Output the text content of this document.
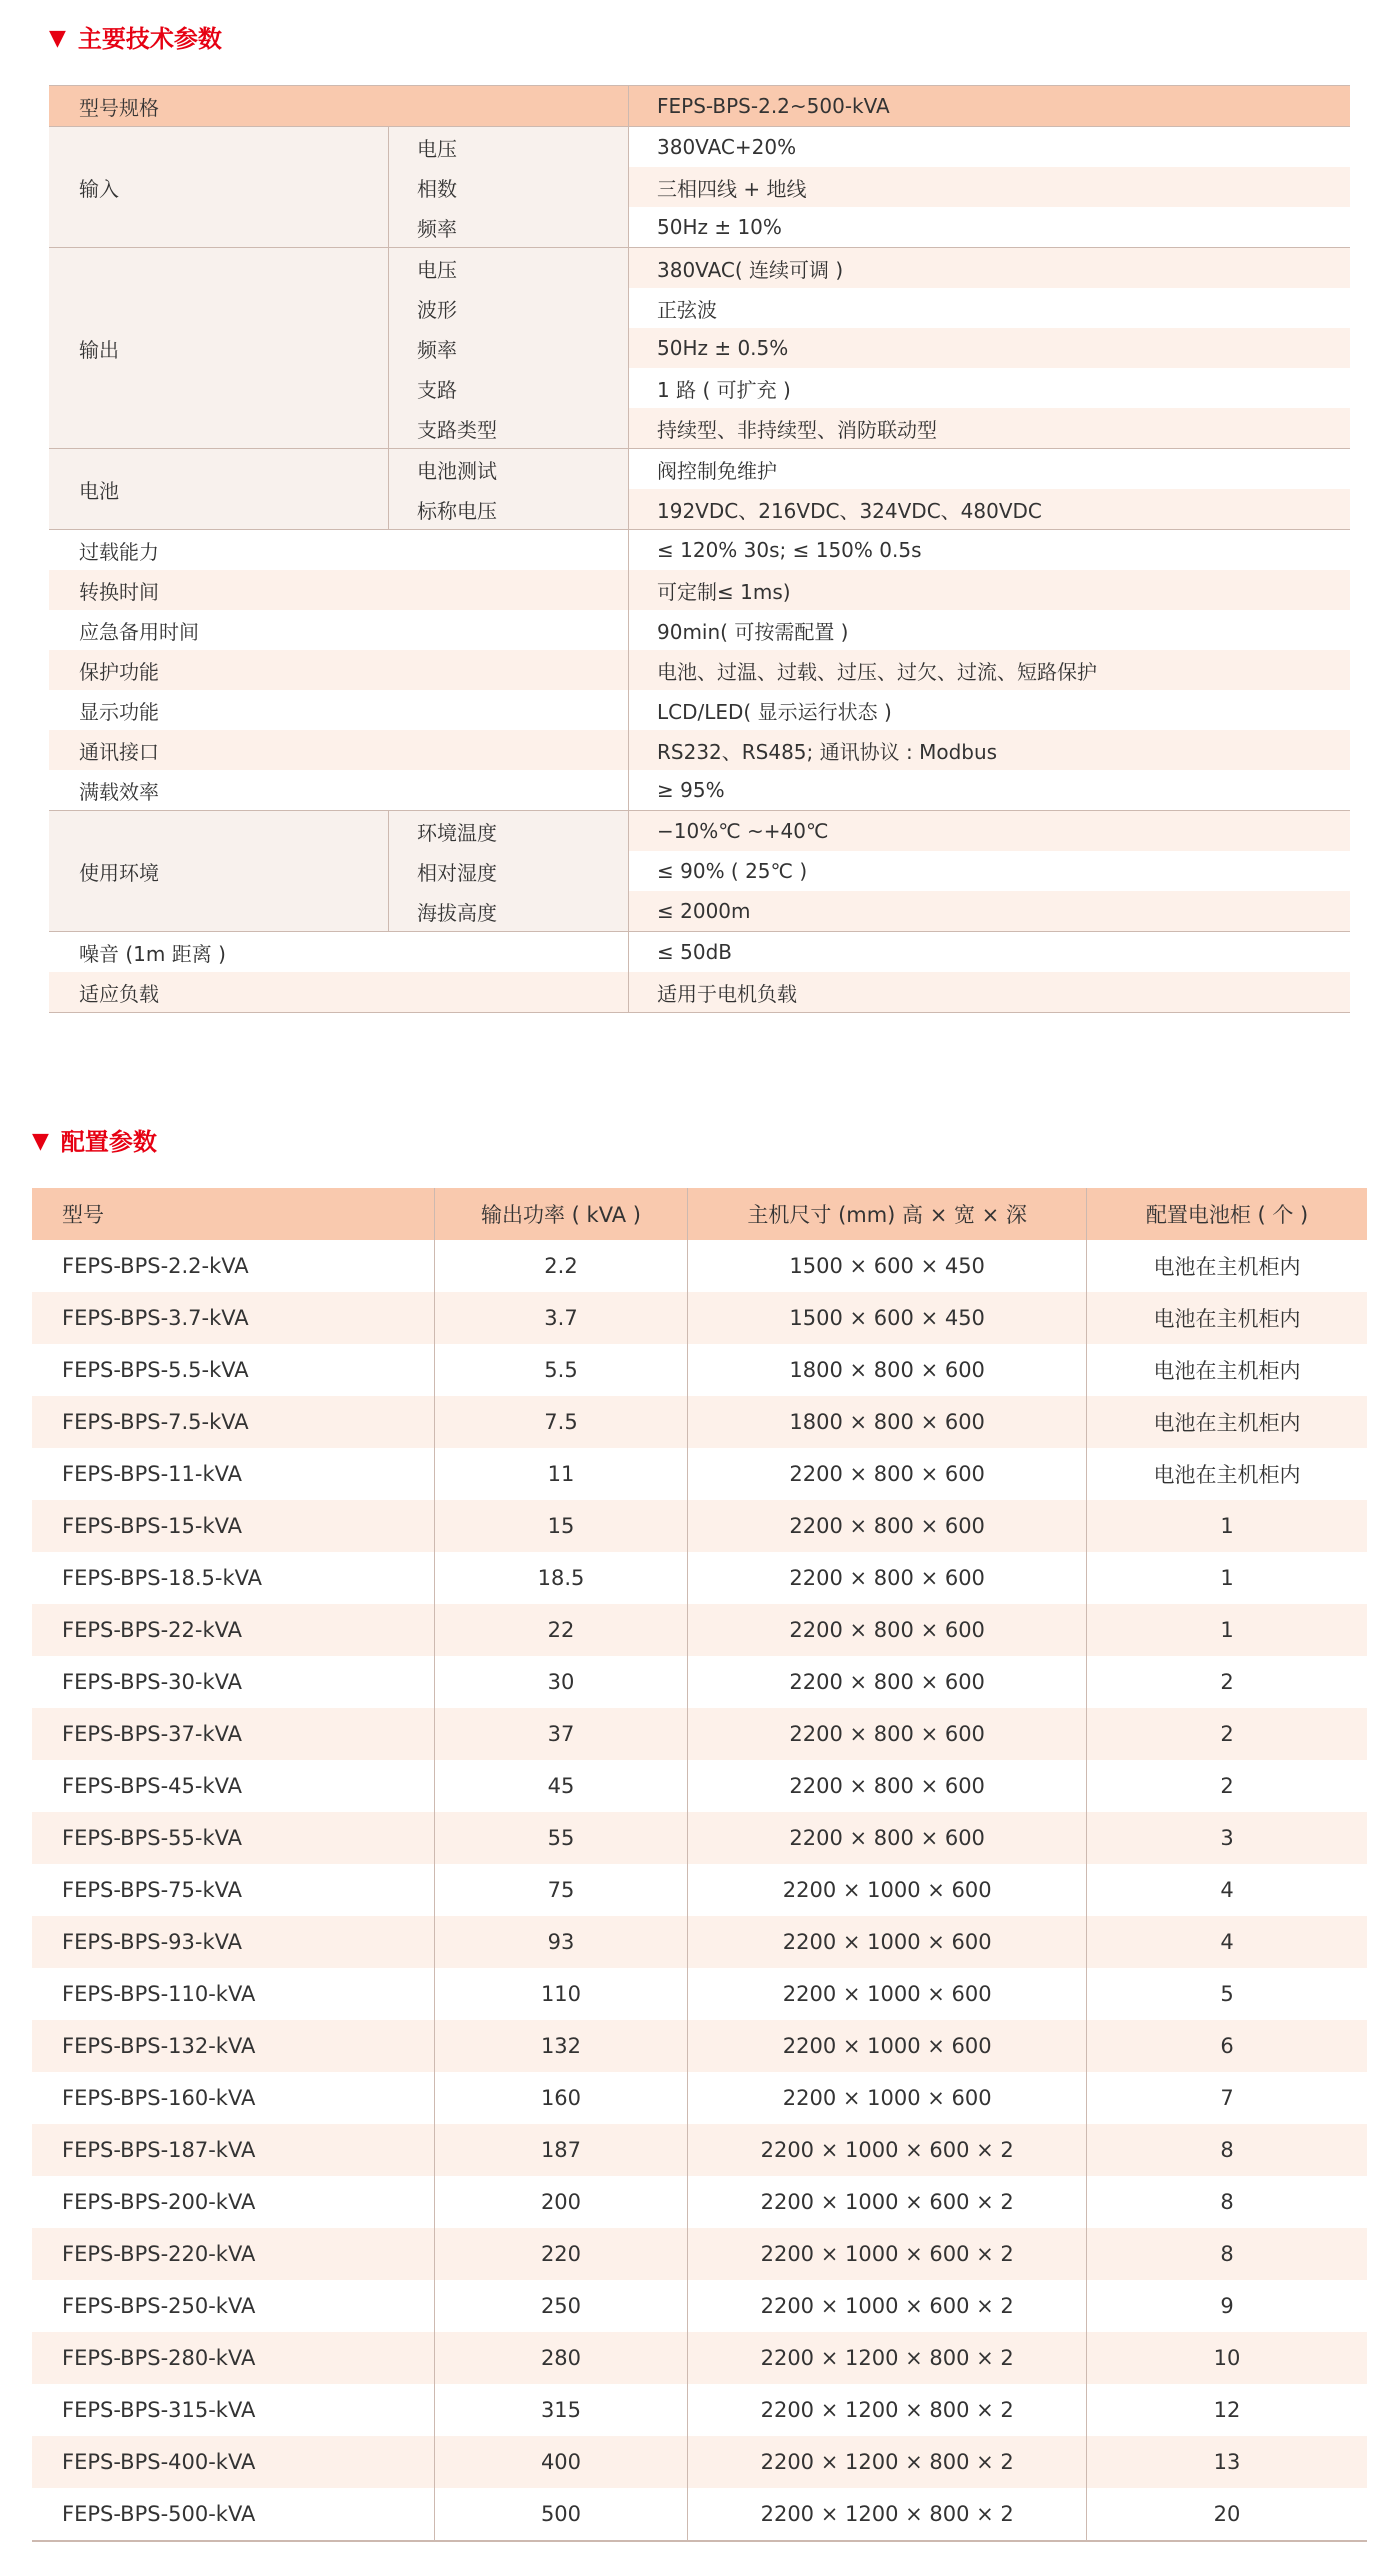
▼ 主要技术参数
型号规格	FEPS-BPS-2.2~500-kVA
输入
电压	380VAC+20%
相数	三相四线 + 地线
频率	50Hz ± 10%
输出
电压	380VAC( 连续可调 )
波形	正弦波
频率	50Hz ± 0.5%
支路	1 路 ( 可扩充 )
支路类型	持续型、非持续型、消防联动型
电池
电池测试	阀控制免维护
标称电压	192VDC、216VDC、324VDC、480VDC
过载能力	≤ 120% 30s; ≤ 150% 0.5s
转换时间	可定制≤ 1ms)
应急备用时间	90min( 可按需配置 )
保护功能	电池、过温、过载、过压、过欠、过流、短路保护
显示功能	LCD/LED( 显示运行状态 )
通讯接口	RS232、RS485; 通讯协议 : Modbus
满载效率	≥ 95%
使用环境
环境温度	−10%℃ ~+40℃
相对湿度	≤ 90% ( 25℃ )
海拔高度	≤ 2000m
噪音 (1m 距离 )	≤ 50dB
适应负载	适用于电机负载
▼ 配置参数
型号	输出功率 ( kVA )	主机尺寸 (mm) 高 × 宽 × 深	配置电池柜 ( 个 )
FEPS-BPS-2.2-kVA	2.2	1500 × 600 × 450	电池在主机柜内
FEPS-BPS-3.7-kVA	3.7	1500 × 600 × 450	电池在主机柜内
FEPS-BPS-5.5-kVA	5.5	1800 × 800 × 600	电池在主机柜内
FEPS-BPS-7.5-kVA	7.5	1800 × 800 × 600	电池在主机柜内
FEPS-BPS-11-kVA	11	2200 × 800 × 600	电池在主机柜内
FEPS-BPS-15-kVA	15	2200 × 800 × 600	1
FEPS-BPS-18.5-kVA	18.5	2200 × 800 × 600	1
FEPS-BPS-22-kVA	22	2200 × 800 × 600	1
FEPS-BPS-30-kVA	30	2200 × 800 × 600	2
FEPS-BPS-37-kVA	37	2200 × 800 × 600	2
FEPS-BPS-45-kVA	45	2200 × 800 × 600	2
FEPS-BPS-55-kVA	55	2200 × 800 × 600	3
FEPS-BPS-75-kVA	75	2200 × 1000 × 600	4
FEPS-BPS-93-kVA	93	2200 × 1000 × 600	4
FEPS-BPS-110-kVA	110	2200 × 1000 × 600	5
FEPS-BPS-132-kVA	132	2200 × 1000 × 600	6
FEPS-BPS-160-kVA	160	2200 × 1000 × 600	7
FEPS-BPS-187-kVA	187	2200 × 1000 × 600 × 2	8
FEPS-BPS-200-kVA	200	2200 × 1000 × 600 × 2	8
FEPS-BPS-220-kVA	220	2200 × 1000 × 600 × 2	8
FEPS-BPS-250-kVA	250	2200 × 1000 × 600 × 2	9
FEPS-BPS-280-kVA	280	2200 × 1200 × 800 × 2	10
FEPS-BPS-315-kVA	315	2200 × 1200 × 800 × 2	12
FEPS-BPS-400-kVA	400	2200 × 1200 × 800 × 2	13
FEPS-BPS-500-kVA	500	2200 × 1200 × 800 × 2	20
